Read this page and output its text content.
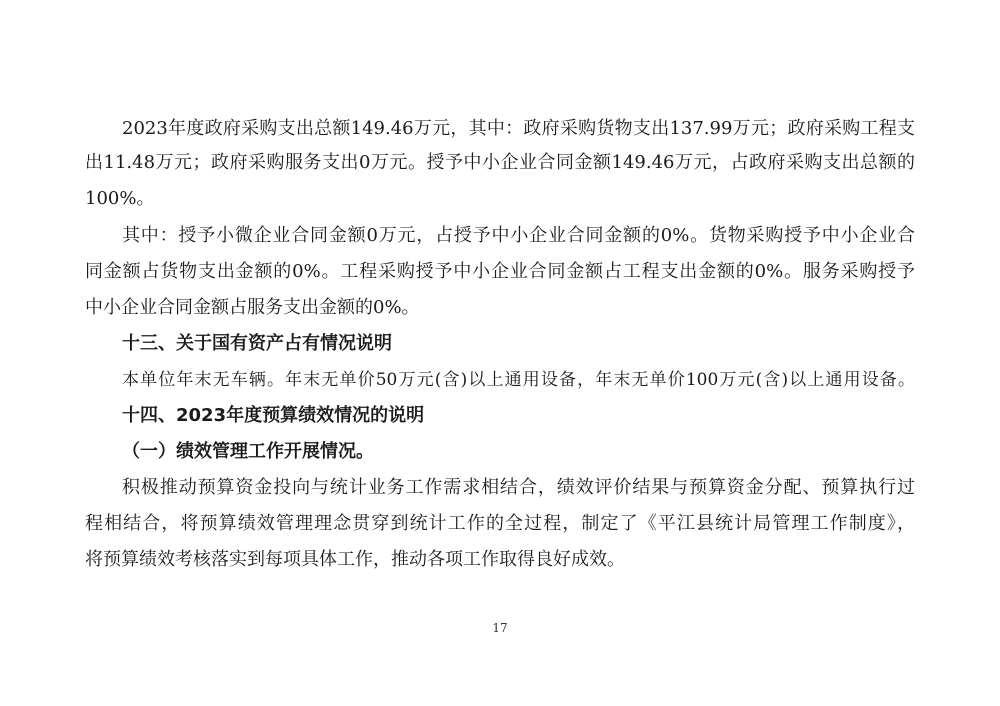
2023年度政府采购支出总额149.46万元，其中：政府采购货物支出137.99万元；政府采购工程支
出11.48万元；政府采购服务支出0万元。授予中小企业合同金额149.46万元，占政府采购支出总额的
100%。
其中：授予小微企业合同金额0万元，占授予中小企业合同金额的0%。货物采购授予中小企业合
同金额占货物支出金额的0%。工程采购授予中小企业合同金额占工程支出金额的0%。服务采购授予
中小企业合同金额占服务支出金额的0%。
十三、关于国有资产占有情况说明
本单位年末无车辆。年末无单价50万元(含)以上通用设备，年末无单价100万元(含)以上通用设备。
十四、2023年度预算绩效情况的说明
（一）绩效管理工作开展情况。
积极推动预算资金投向与统计业务工作需求相结合，绩效评价结果与预算资金分配、预算执行过
程相结合，将预算绩效管理理念贯穿到统计工作的全过程，制定了《平江县统计局管理工作制度》，
将预算绩效考核落实到每项具体工作，推动各项工作取得良好成效。
17
